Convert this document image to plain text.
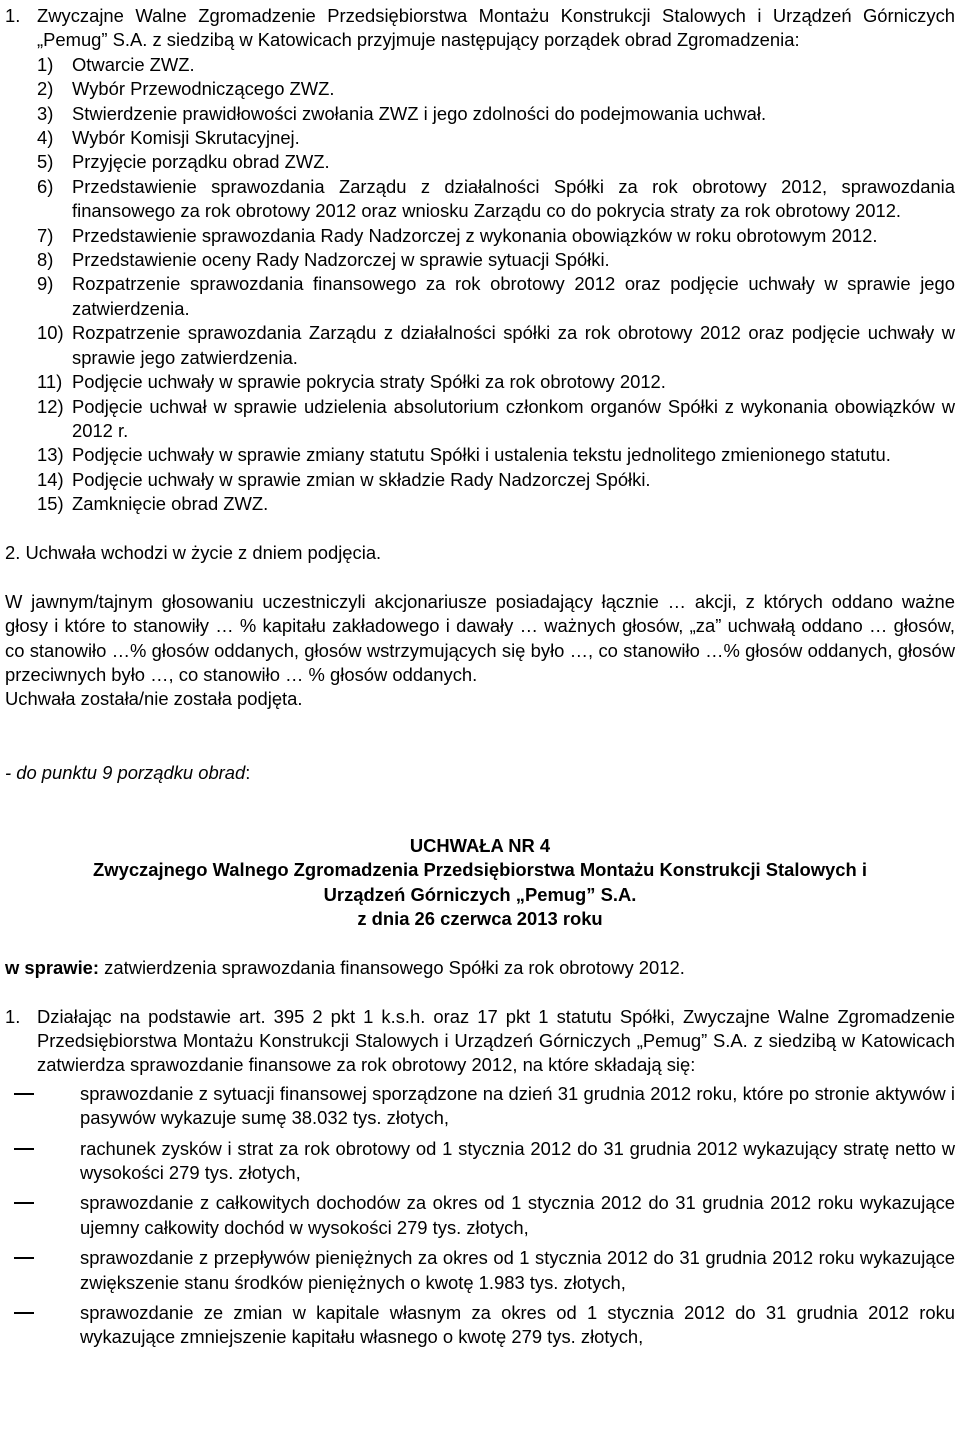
1. Zwyczajne Walne Zgromadzenie Przedsiębiorstwa Montażu Konstrukcji Stalowych i Urządzeń Górniczych „Pemug” S.A. z siedzibą w Katowicach przyjmuje następujący porządek obrad Zgromadzenia:
1) Otwarcie ZWZ.
2) Wybór Przewodniczącego ZWZ.
3) Stwierdzenie prawidłowości zwołania ZWZ i jego zdolności do podejmowania uchwał.
4) Wybór Komisji Skrutacyjnej.
5) Przyjęcie porządku obrad ZWZ.
6) Przedstawienie sprawozdania Zarządu z działalności Spółki za rok obrotowy 2012, sprawozdania finansowego za rok obrotowy 2012 oraz wniosku Zarządu co do pokrycia straty za rok obrotowy 2012.
7) Przedstawienie sprawozdania Rady Nadzorczej z wykonania obowiązków w roku obrotowym 2012.
8) Przedstawienie oceny Rady Nadzorczej w sprawie sytuacji Spółki.
9) Rozpatrzenie sprawozdania finansowego za rok obrotowy 2012 oraz podjęcie uchwały w sprawie jego zatwierdzenia.
10) Rozpatrzenie sprawozdania Zarządu z działalności spółki za rok obrotowy 2012 oraz podjęcie uchwały w sprawie jego zatwierdzenia.
11) Podjęcie uchwały w sprawie pokrycia straty Spółki za rok obrotowy 2012.
12) Podjęcie uchwał w sprawie udzielenia absolutorium członkom organów Spółki z wykonania obowiązków w 2012 r.
13) Podjęcie uchwały w sprawie zmiany statutu Spółki i ustalenia tekstu jednolitego zmienionego statutu.
14) Podjęcie uchwały w sprawie zmian w składzie Rady Nadzorczej Spółki.
15) Zamknięcie obrad ZWZ.
2. Uchwała wchodzi w życie z dniem podjęcia.
W jawnym/tajnym głosowaniu uczestniczyli akcjonariusze posiadający łącznie … akcji, z których oddano ważne głosy i które to stanowiły … % kapitału zakładowego i dawały … ważnych głosów, „za” uchwałą oddano … głosów, co stanowiło …% głosów oddanych, głosów wstrzymujących się było …, co stanowiło …% głosów oddanych, głosów przeciwnych było …, co stanowiło … % głosów oddanych.
Uchwała została/nie została podjęta.
- do punktu 9 porządku obrad:
UCHWAŁA NR 4
Zwyczajnego Walnego Zgromadzenia Przedsiębiorstwa Montażu Konstrukcji Stalowych i
Urządzeń Górniczych „Pemug” S.A.
z dnia 26 czerwca 2013 roku
w sprawie: zatwierdzenia sprawozdania finansowego Spółki za rok obrotowy 2012.
1. Działając na podstawie art. 395 2 pkt 1 k.s.h. oraz 17 pkt 1 statutu Spółki, Zwyczajne Walne Zgromadzenie Przedsiębiorstwa Montażu Konstrukcji Stalowych i Urządzeń Górniczych „Pemug” S.A. z siedzibą w Katowicach zatwierdza sprawozdanie finansowe za rok obrotowy 2012, na które składają się:
sprawozdanie z sytuacji finansowej sporządzone na dzień 31 grudnia 2012 roku, które po stronie aktywów i pasywów wykazuje sumę 38.032 tys. złotych,
rachunek zysków i strat za rok obrotowy od 1 stycznia 2012 do 31 grudnia 2012 wykazujący stratę netto w wysokości 279 tys. złotych,
sprawozdanie z całkowitych dochodów za okres od 1 stycznia 2012 do 31 grudnia 2012 roku wykazujące ujemny całkowity dochód w wysokości 279 tys. złotych,
sprawozdanie z przepływów pieniężnych za okres od 1 stycznia 2012 do 31 grudnia 2012 roku wykazujące zwiększenie stanu środków pieniężnych o kwotę 1.983 tys. złotych,
sprawozdanie ze zmian w kapitale własnym za okres od 1 stycznia 2012 do 31 grudnia 2012 roku wykazujące zmniejszenie kapitału własnego o kwotę 279 tys. złotych,
